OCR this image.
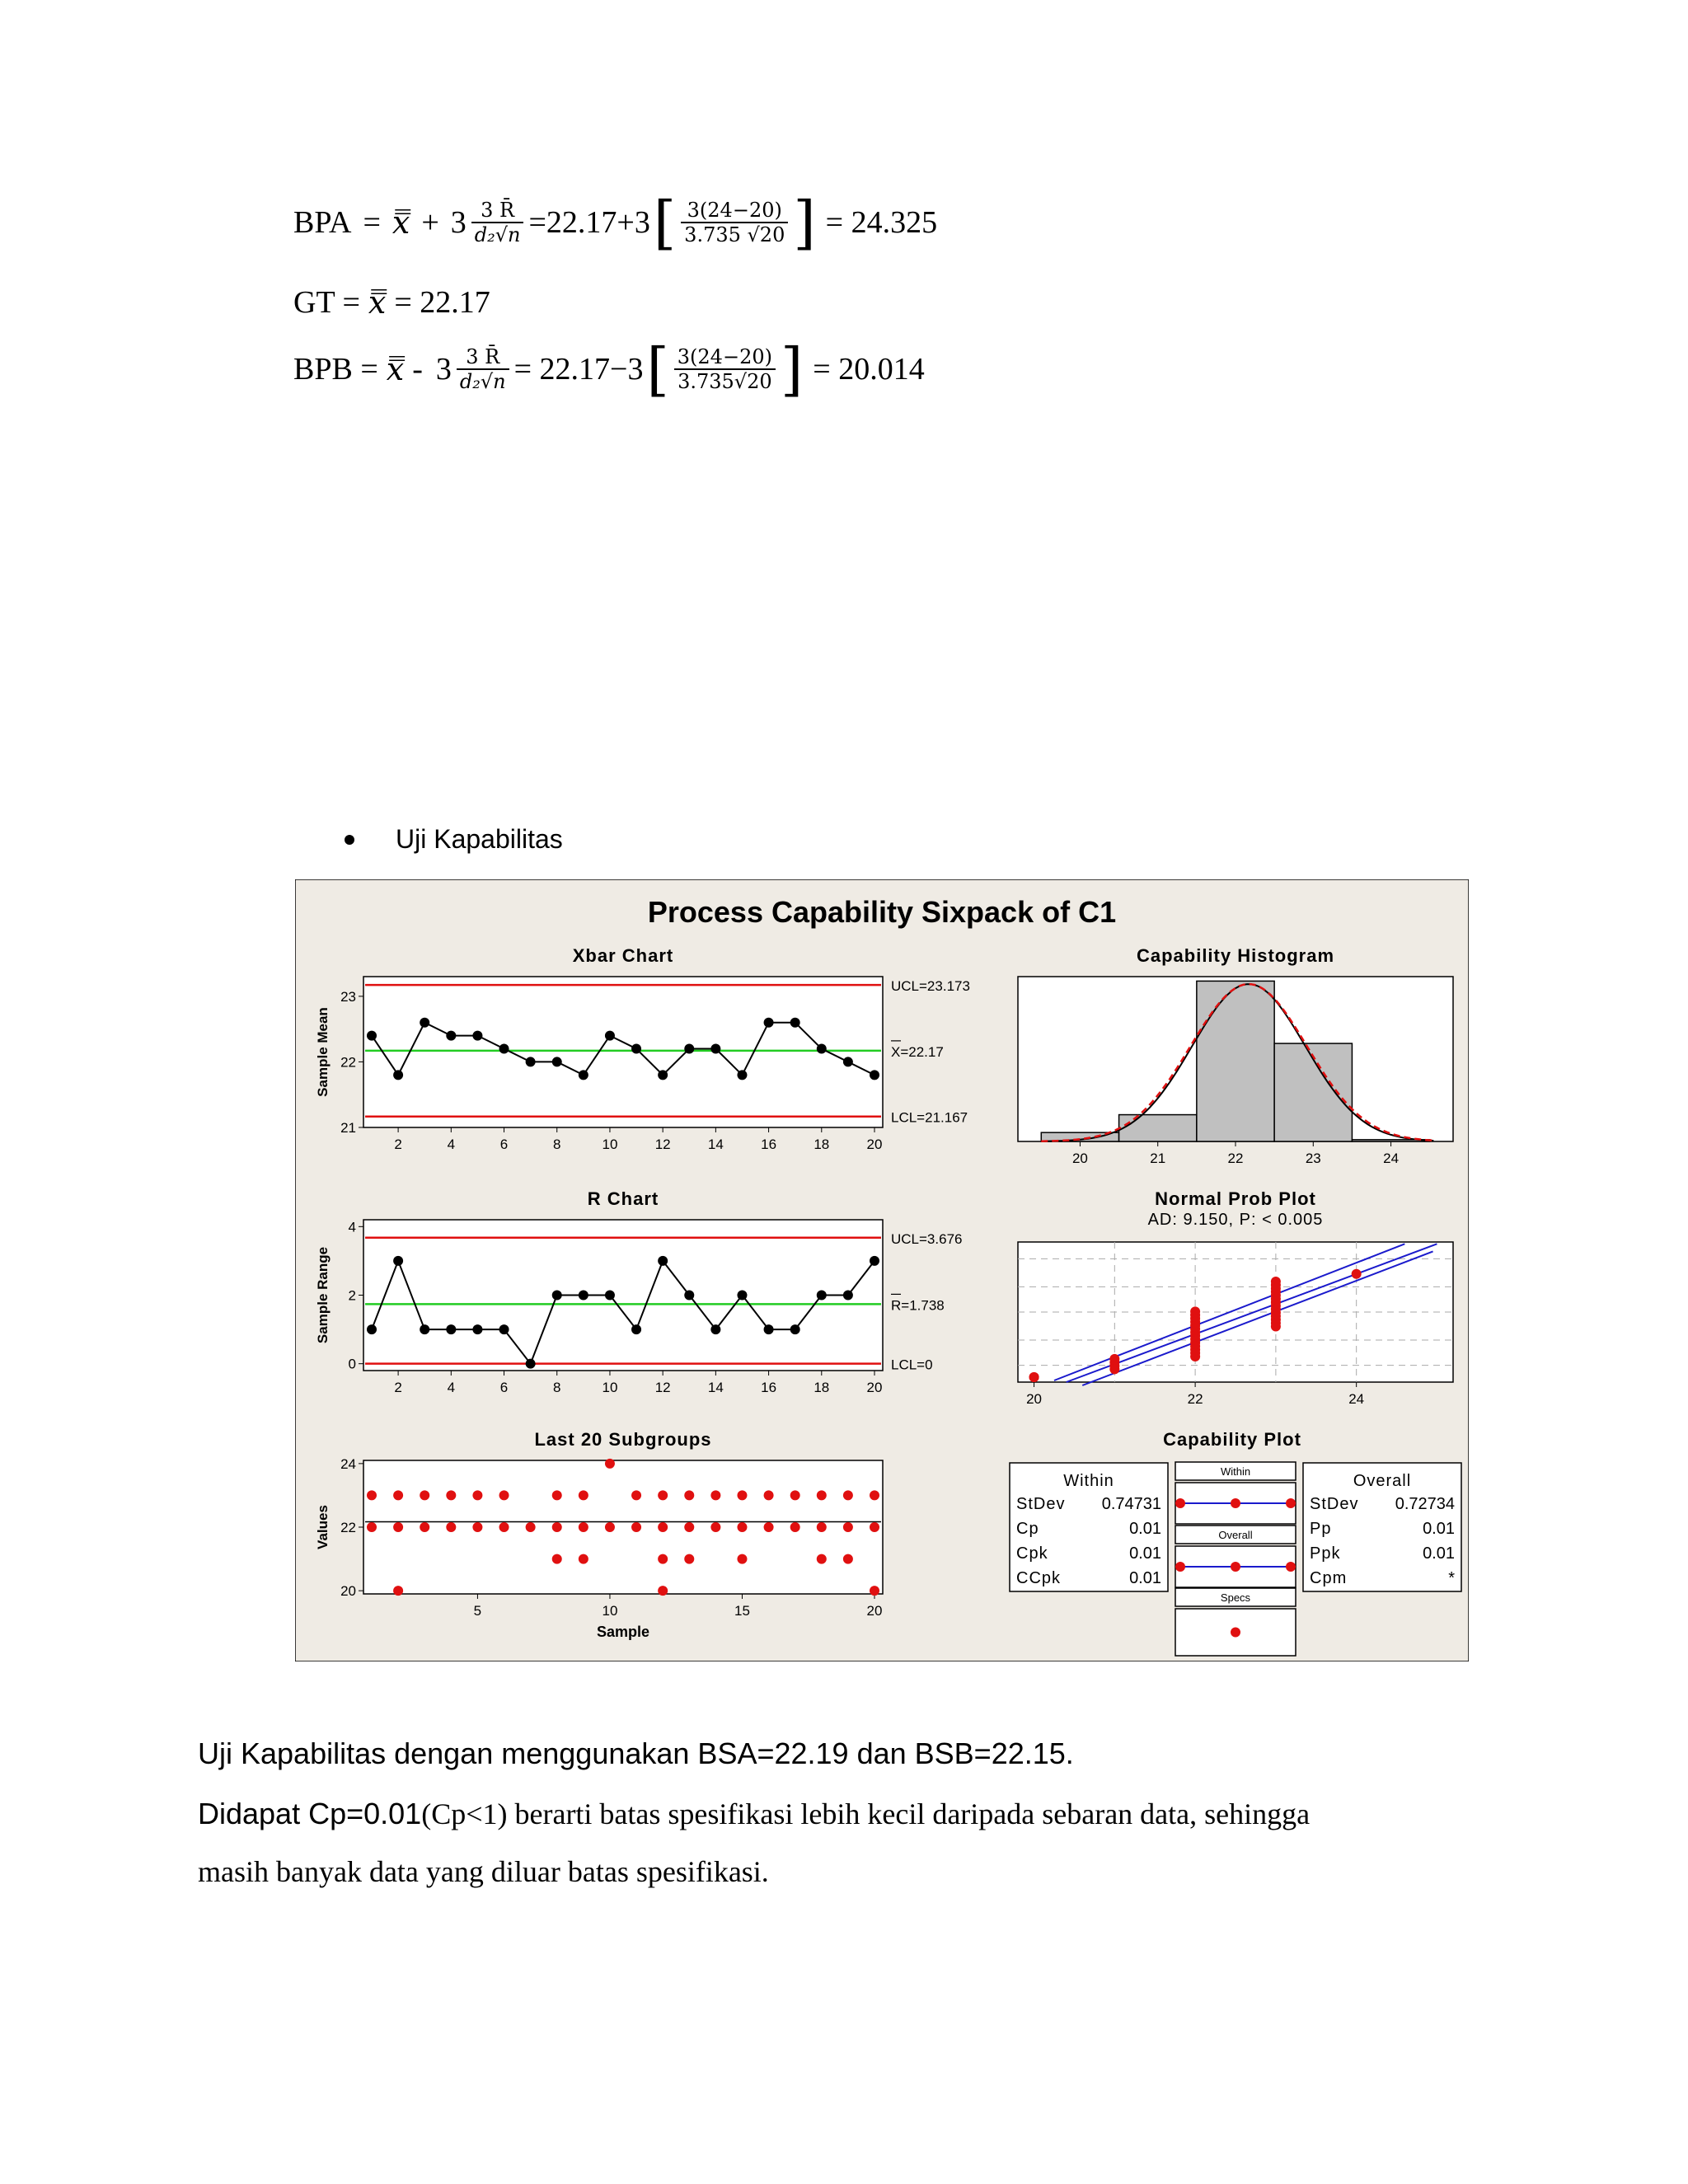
BPA = x̿ + $3 \frac{3 R̄}{\text{d₂√n}} =22.17+3$ [ $\frac{3(24-20)}{3.735 √20}$ ] = 24.325
GT = x̿ = 22.17
BPB = x̿ - $3 \frac{3 R̄}{\text{d₂√n}} = 22.17-3$ [ $\frac{3(24-20)}{3.735√20}$ ] = 20.014
Uji Kapabilitas
Process Capability Sixpack of C1
Xbar Chart
Sample Mean
21
22
23
2	4	6	8	10	12	14	16	18	20
UCL=23.173
X=22.17
LCL=21.167
R Chart
Sample Range
0
2
4
2	4	6	8	10	12	14	16	18	20
UCL=3.676
R=1.738
LCL=0
Last 20 Subgroups
Values
Sample
20
22
24
5	10	15	20
Capability Histogram
20	21	22	23	24
Normal Prob Plot
AD: 9.150, P: < 0.005
20	22	24
Capability Plot
Within
StDev 0.74731
Cp	0.01
Cpk	0.01
CCpk	0.01
Overall
StDev 0.72734
Pp	0.01
Ppk	0.01
Cpm	*
Within
Overall
Specs
Uji Kapabilitas dengan menggunakan BSA=22.19 dan BSB=22.15.
Didapat Cp=0.01(Cp<1) berarti batas spesifikasi lebih kecil daripada sebaran data, sehingga
masih banyak data yang diluar batas spesifikasi.
